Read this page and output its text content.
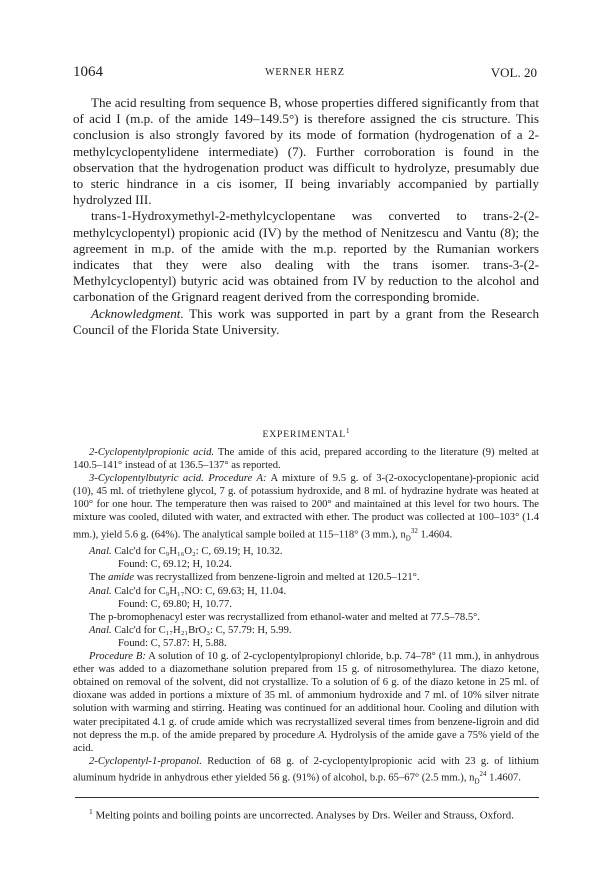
1064	WERNER HERZ	VOL. 20

The acid resulting from sequence B, whose properties differed significantly from that of acid I (m.p. of the amide 149–149.5°) is therefore assigned the cis structure. This conclusion is also strongly favored by its mode of formation (hydrogenation of a 2-methylcyclopentylidene intermediate) (7). Further corroboration is found in the observation that the hydrogenation product was difficult to hydrolyze, presumably due to steric hindrance in a cis isomer, II being invariably accompanied by partially hydrolyzed III.

trans-1-Hydroxymethyl-2-methylcyclopentane was converted to trans-2-(2-methylcyclopentyl) propionic acid (IV) by the method of Nenitzescu and Vantu (8); the agreement in m.p. of the amide with the m.p. reported by the Rumanian workers indicates that they were also dealing with the trans isomer. trans-3-(2-Methylcyclopentyl) butyric acid was obtained from IV by reduction to the alcohol and carbonation of the Grignard reagent derived from the corresponding bromide.

Acknowledgment. This work was supported in part by a grant from the Research Council of the Florida State University.

EXPERIMENTAL$^1$

2-Cyclopentylpropionic acid. The amide of this acid, prepared according to the literature (9) melted at 140.5–141° instead of at 136.5–137° as reported.

3-Cyclopentylbutyric acid. Procedure A: A mixture of 9.5 g. of 3-(2-oxocyclopentane)-propionic acid (10), 45 ml. of triethylene glycol, 7 g. of potassium hydroxide, and 8 ml. of hydrazine hydrate was heated at 100° for one hour. The temperature then was raised to 200° and maintained at this level for two hours. The mixture was cooled, diluted with water, and extracted with ether. The product was collected at 100–103° (1.4 mm.), yield 5.6 g. (64%). The analytical sample boiled at 115–118° (3 mm.), $n_D^{32}$ 1.4604.

Anal. Calc'd for C₉H₁₆O₂: C, 69.19; H, 10.32.

Found: C, 69.12; H, 10.24.

The amide was recrystallized from benzene-ligroin and melted at 120.5–121°.

Anal. Calc'd for C₉H₁₇NO: C, 69.63; H, 11.04.

Found: C, 69.80; H, 10.77.

The p-bromophenacyl ester was recrystallized from ethanol-water and melted at 77.5–78.5°.

Anal. Calc'd for C₁₇H₂₁BrO₃: C, 57.79: H, 5.99.

Found: C, 57.87: H, 5.88.

Procedure B: A solution of 10 g. of 2-cyclopentylpropionyl chloride, b.p. 74–78° (11 mm.), in anhydrous ether was added to a diazomethane solution prepared from 15 g. of nitrosomethylurea. The diazo ketone, obtained on removal of the solvent, did not crystallize. To a solution of 6 g. of the diazo ketone in 25 ml. of dioxane was added in portions a mixture of 35 ml. of ammonium hydroxide and 7 ml. of 10% silver nitrate solution with warming and stirring. Heating was continued for an additional hour. Cooling and dilution with water precipitated 4.1 g. of crude amide which was recrystallized several times from benzene-ligroin and did not depress the m.p. of the amide prepared by procedure A. Hydrolysis of the amide gave a 75% yield of the acid.

2-Cyclopentyl-1-propanol. Reduction of 68 g. of 2-cyclopentylpropionic acid with 23 g. of lithium aluminum hydride in anhydrous ether yielded 56 g. (91%) of alcohol, b.p. 65–67° (2.5 mm.), $n_D^{24}$ 1.4607.

$^1$ Melting points and boiling points are uncorrected. Analyses by Drs. Weiler and Strauss, Oxford.
